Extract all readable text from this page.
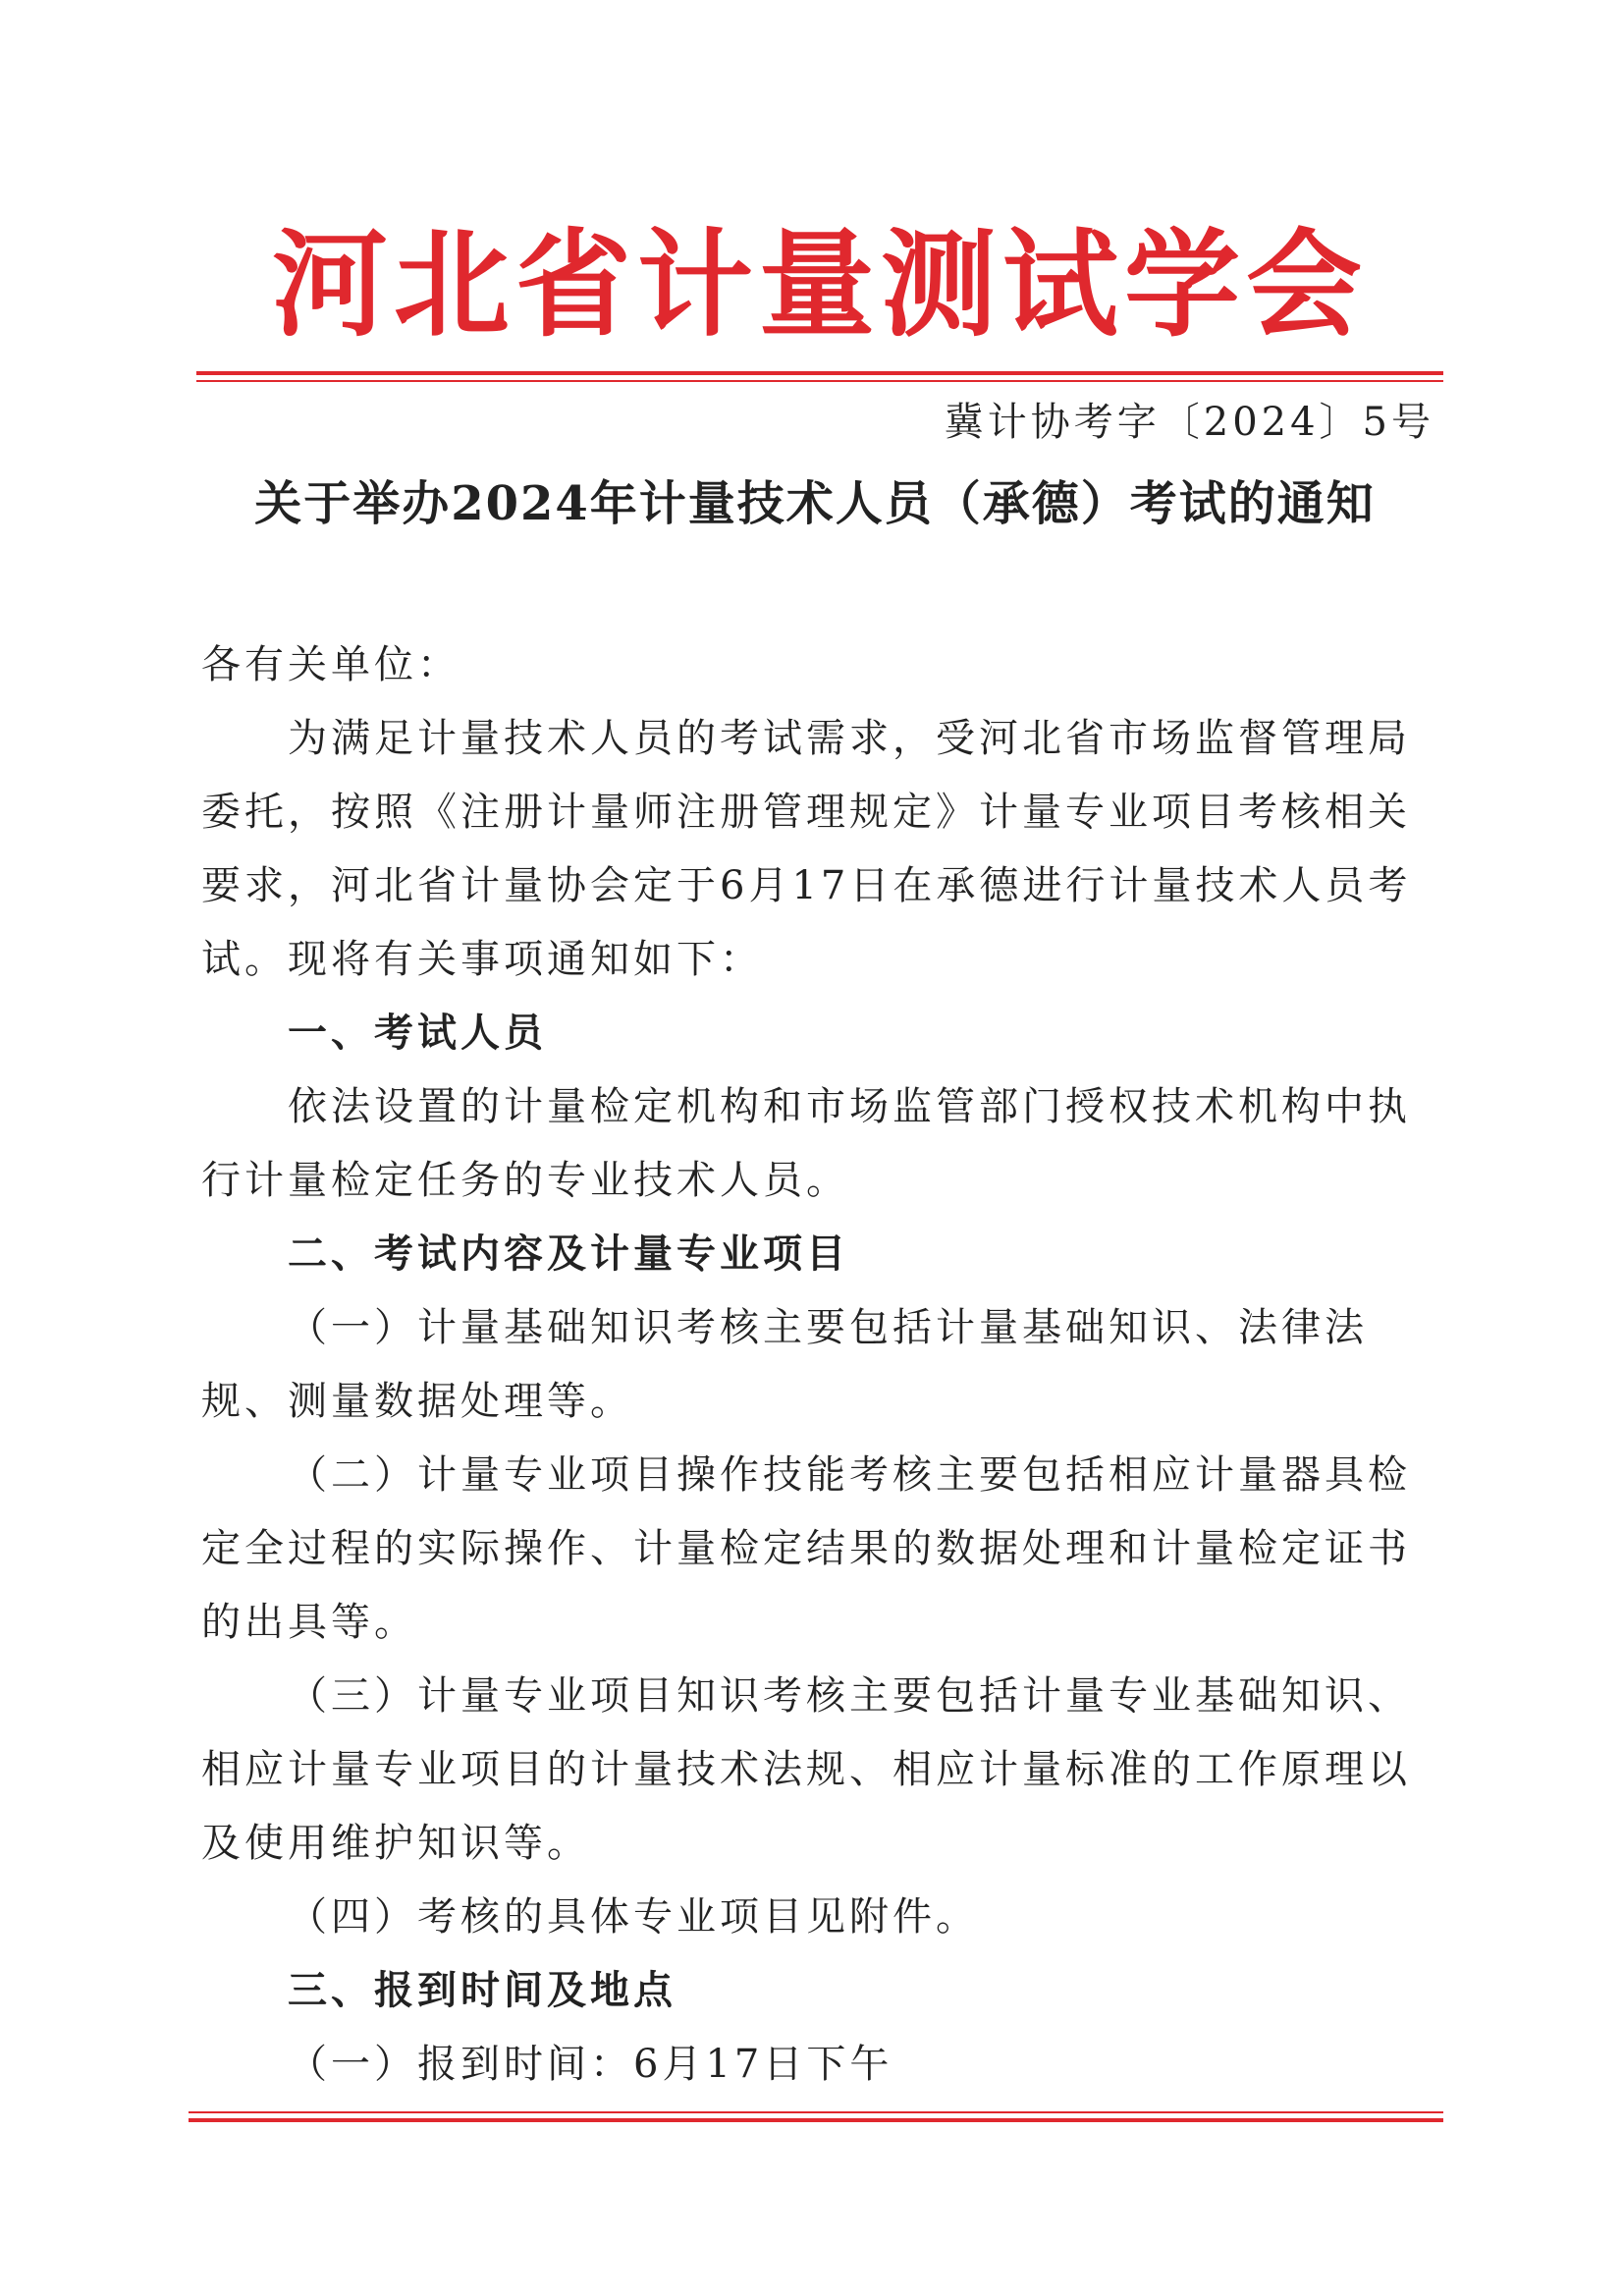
河北省计量测试学会
冀计协考字〔2024〕5号
关于举办2024年计量技术人员（承德）考试的通知

各有关单位：

为满足计量技术人员的考试需求，受河北省市场监督管理局委托，按照《注册计量师注册管理规定》计量专业项目考核相关要求，河北省计量协会定于6月17日在承德进行计量技术人员考试。现将有关事项通知如下：

一、考试人员

依法设置的计量检定机构和市场监管部门授权技术机构中执行计量检定任务的专业技术人员。

二、考试内容及计量专业项目

（一）计量基础知识考核主要包括计量基础知识、法律法规、测量数据处理等。

（二）计量专业项目操作技能考核主要包括相应计量器具检定全过程的实际操作、计量检定结果的数据处理和计量检定证书的出具等。

（三）计量专业项目知识考核主要包括计量专业基础知识、相应计量专业项目的计量技术法规、相应计量标准的工作原理以及使用维护知识等。

（四）考核的具体专业项目见附件。

三、报到时间及地点

（一）报到时间：6月17日下午
